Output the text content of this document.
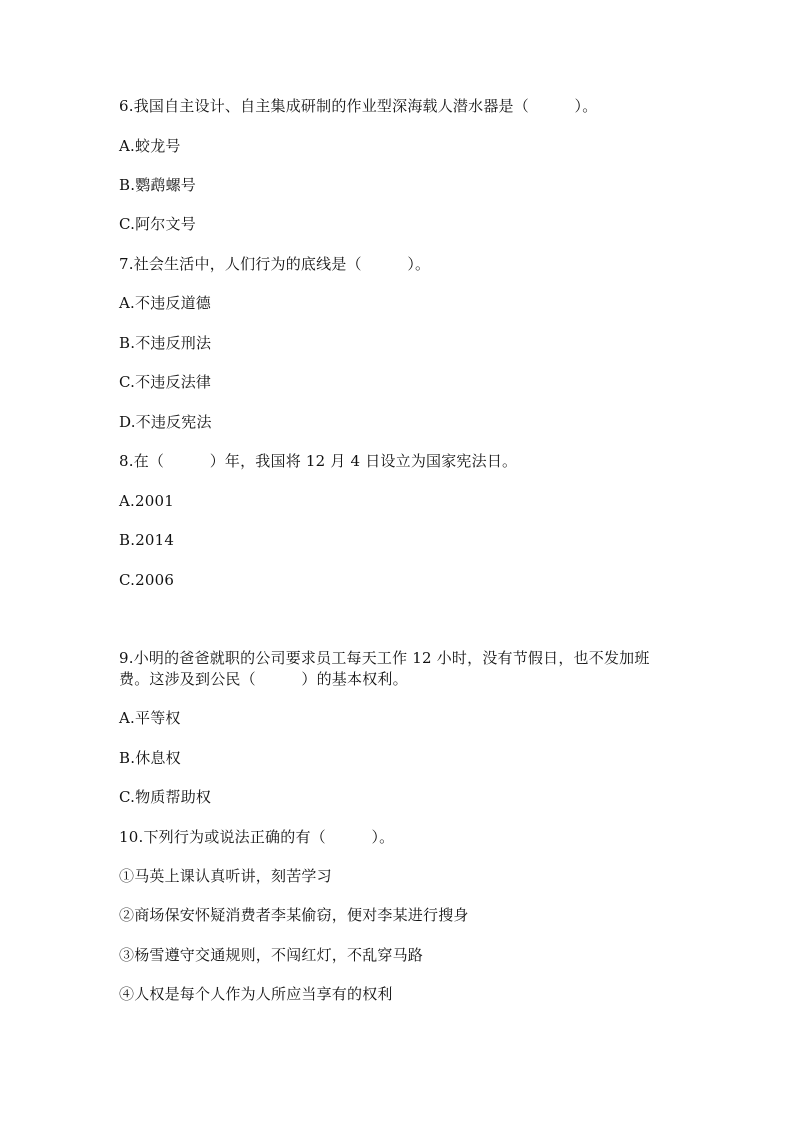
6.我国自主设计、自主集成研制的作业型深海载人潜水器是（　　　）。
A.蛟龙号
B.鹦鹉螺号
C.阿尔文号
7.社会生活中，人们行为的底线是（　　　）。
A.不违反道德
B.不违反刑法
C.不违反法律
D.不违反宪法
8.在（　　　）年，我国将 12 月 4 日设立为国家宪法日。
A.2001
B.2014
C.2006
9.小明的爸爸就职的公司要求员工每天工作 12 小时，没有节假日，也不发加班
费。这涉及到公民（　　　）的基本权利。
A.平等权
B.休息权
C.物质帮助权
10.下列行为或说法正确的有（　　　）。
①马英上课认真听讲，刻苦学习
②商场保安怀疑消费者李某偷窃，便对李某进行搜身
③杨雪遵守交通规则，不闯红灯，不乱穿马路
④人权是每个人作为人所应当享有的权利
